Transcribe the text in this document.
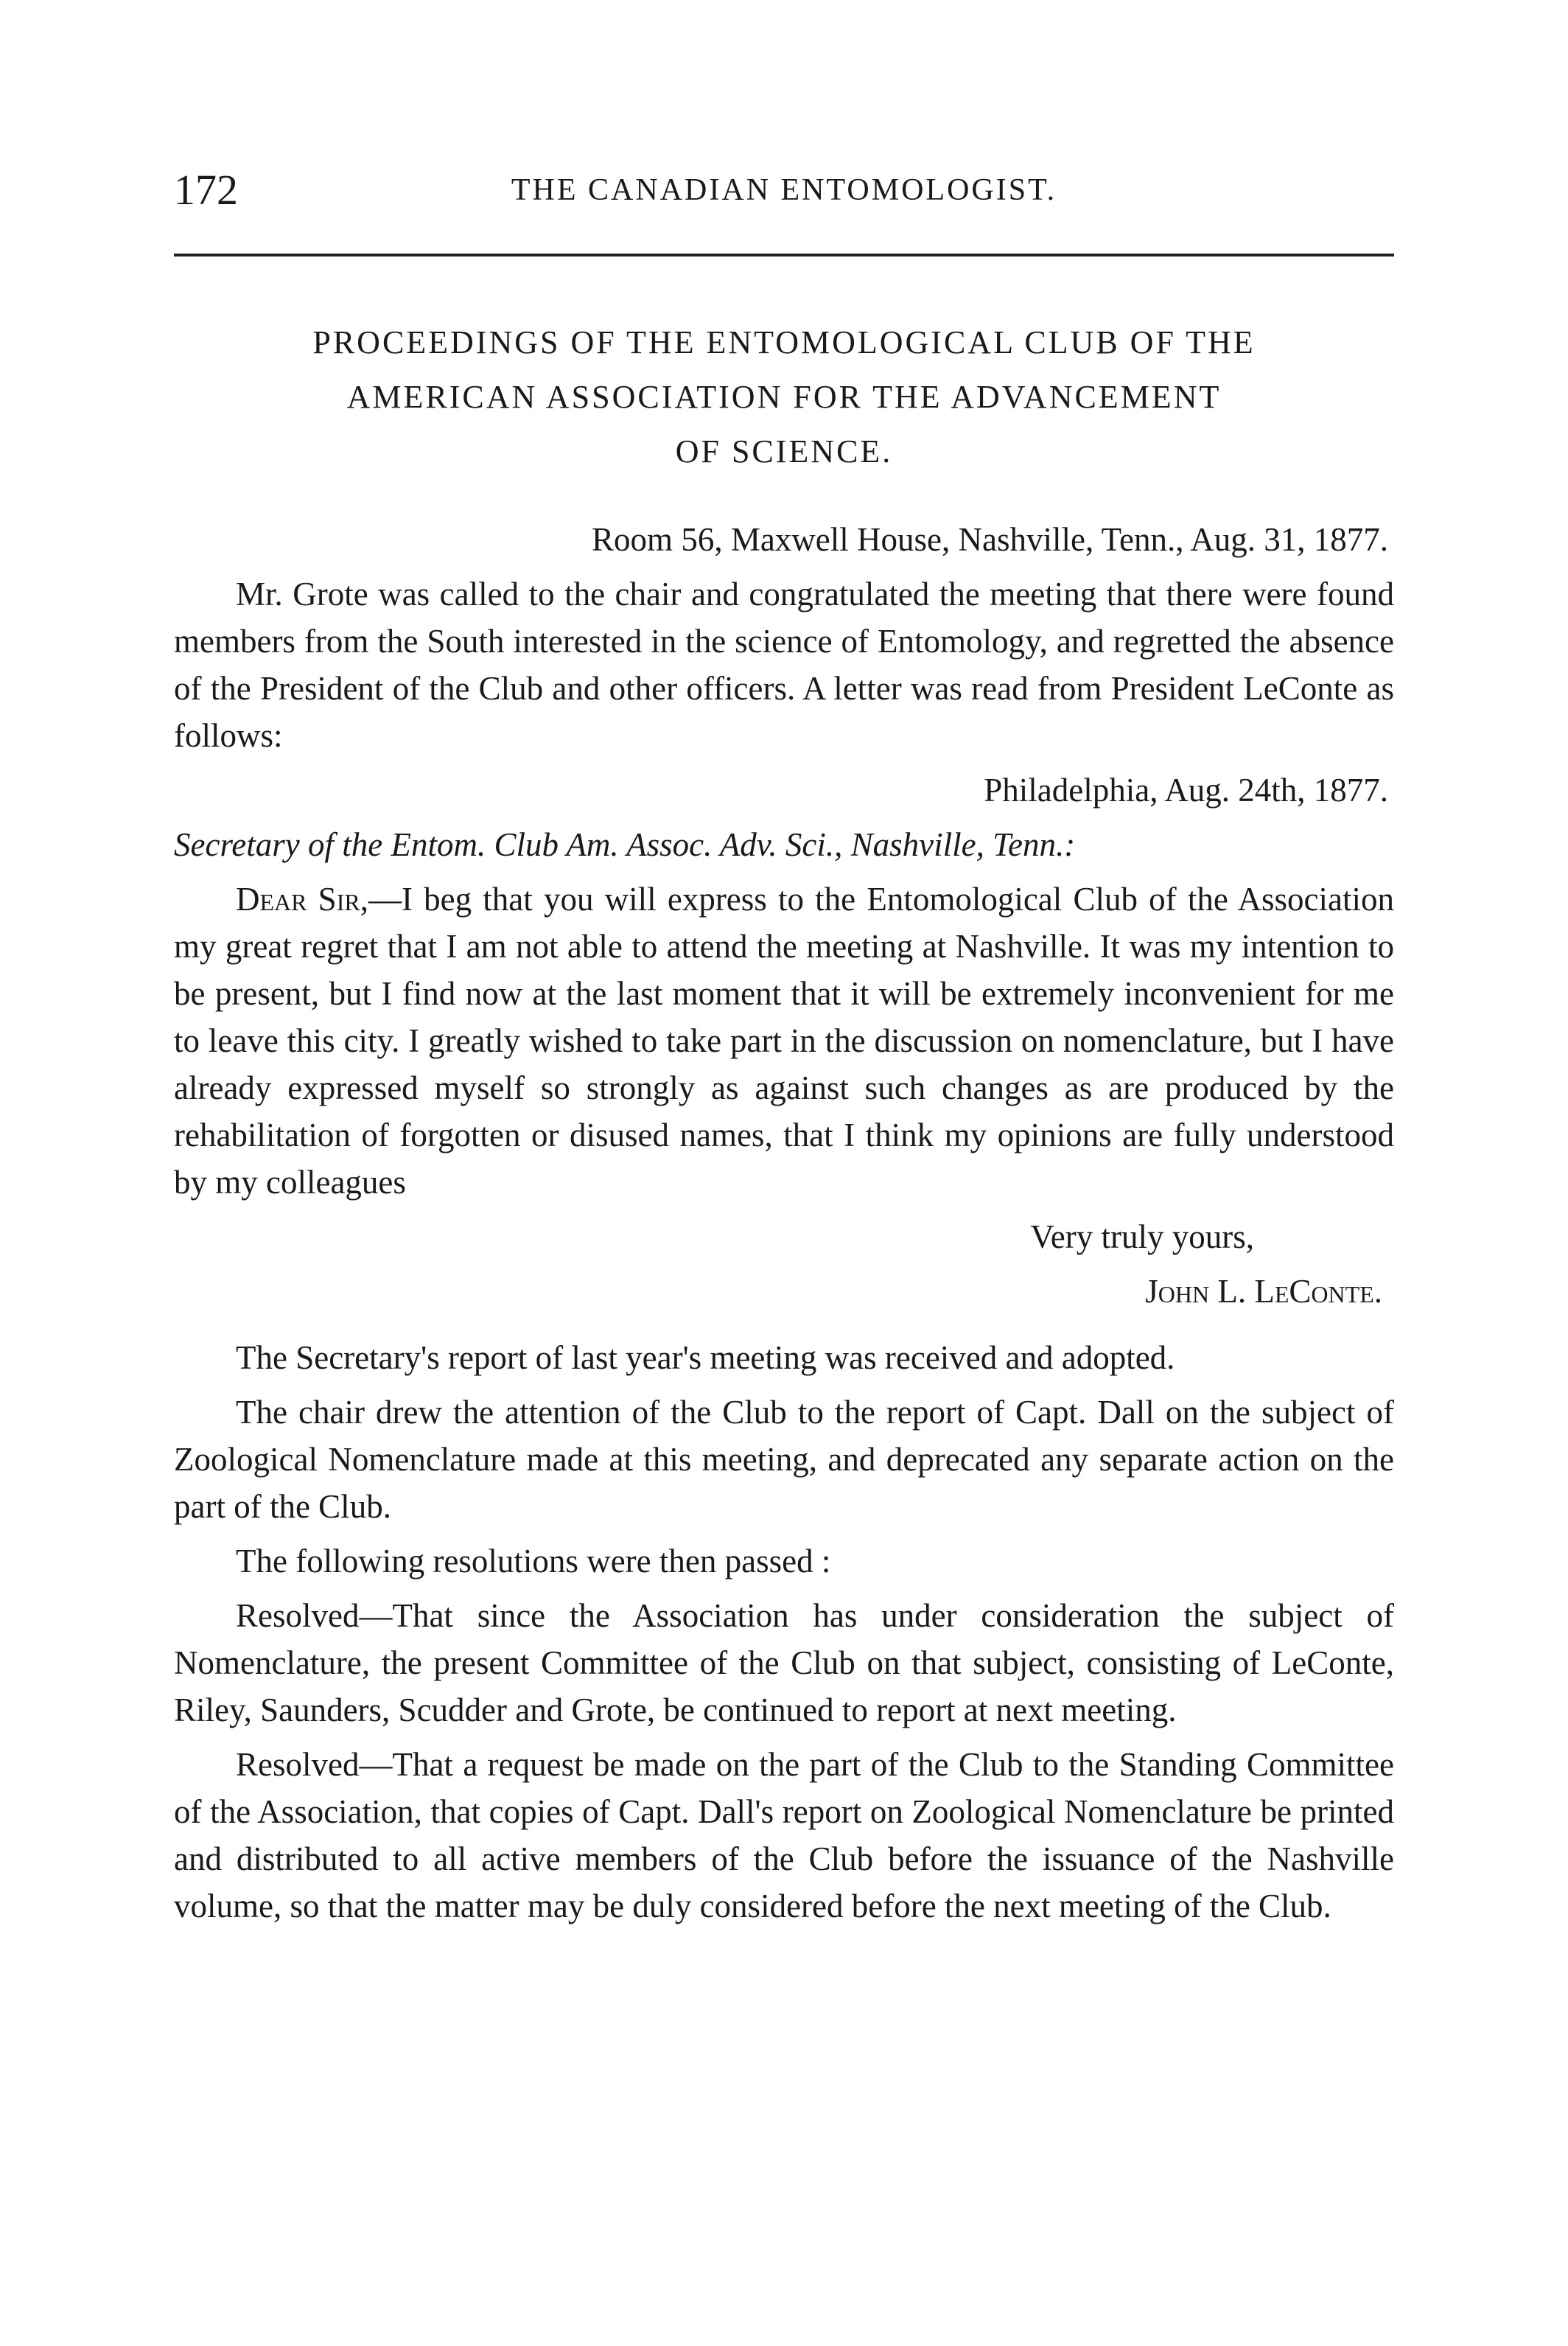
172	THE CANADIAN ENTOMOLOGIST.
PROCEEDINGS OF THE ENTOMOLOGICAL CLUB OF THE
AMERICAN ASSOCIATION FOR THE ADVANCEMENT
OF SCIENCE.

Room 56, Maxwell House, Nashville, Tenn., Aug. 31, 1877.

Mr. Grote was called to the chair and congratulated the meeting that there were found members from the South interested in the science of Entomology, and regretted the absence of the President of the Club and other officers. A letter was read from President LeConte as follows:

Philadelphia, Aug. 24th, 1877.

Secretary of the Entom. Club Am. Assoc. Adv. Sci., Nashville, Tenn.:

Dear Sir,—I beg that you will express to the Entomological Club of the Association my great regret that I am not able to attend the meeting at Nashville. It was my intention to be present, but I find now at the last moment that it will be extremely inconvenient for me to leave this city. I greatly wished to take part in the discussion on nomenclature, but I have already expressed myself so strongly as against such changes as are produced by the rehabilitation of forgotten or disused names, that I think my opinions are fully understood by my colleagues

Very truly yours,

John L. LeConte.

The Secretary's report of last year's meeting was received and adopted.

The chair drew the attention of the Club to the report of Capt. Dall on the subject of Zoological Nomenclature made at this meeting, and deprecated any separate action on the part of the Club.

The following resolutions were then passed :

Resolved—That since the Association has under consideration the subject of Nomenclature, the present Committee of the Club on that subject, consisting of LeConte, Riley, Saunders, Scudder and Grote, be continued to report at next meeting.

Resolved—That a request be made on the part of the Club to the Standing Committee of the Association, that copies of Capt. Dall's report on Zoological Nomenclature be printed and distributed to all active members of the Club before the issuance of the Nashville volume, so that the matter may be duly considered before the next meeting of the Club.
